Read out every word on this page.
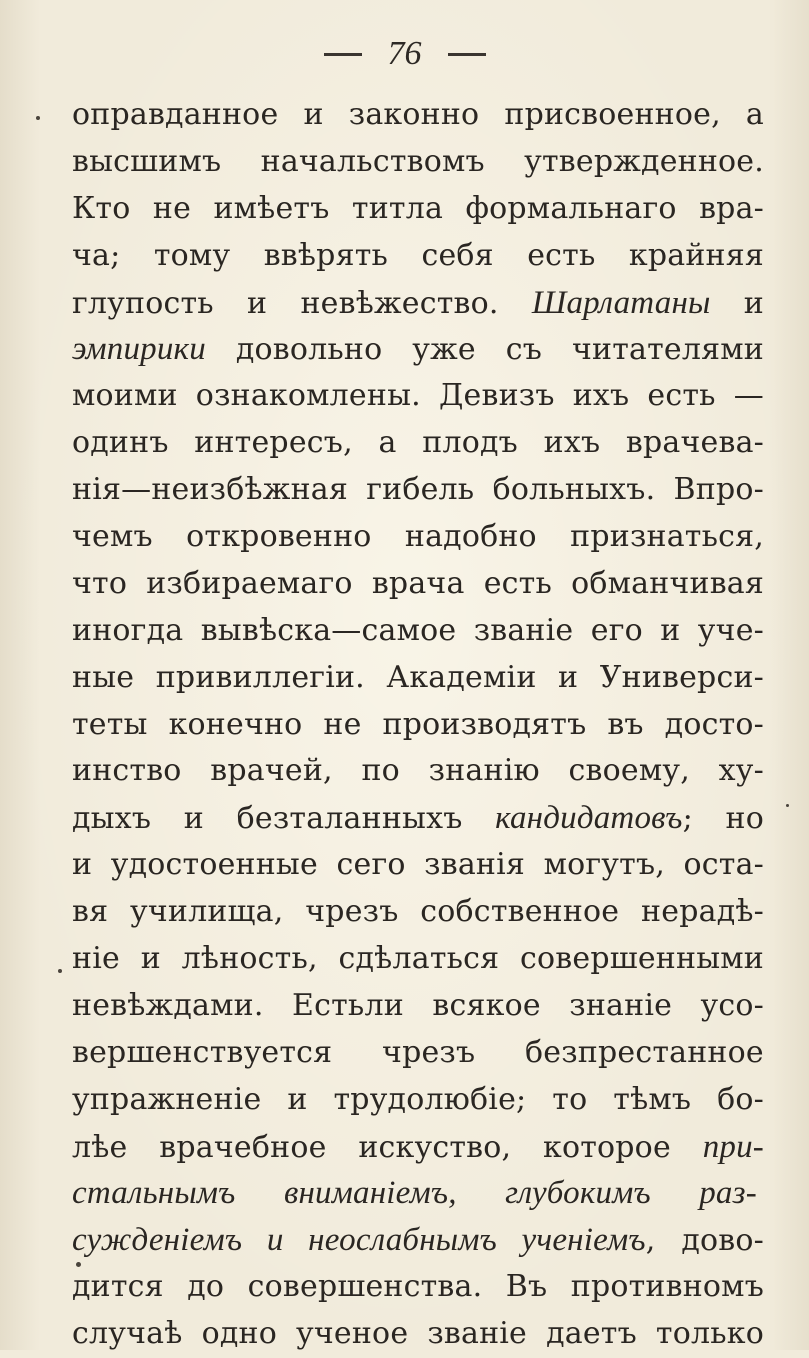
76
оправданное и законно присвоенное, а
высшимъ начальствомъ утвержденное.
Кто не имѣетъ титла формальнаго вра-
ча; тому ввѣрять себя есть крайняя
глупость и невѣжество. Шарлатаны и
эмпирики довольно уже съ читателями
моими ознакомлены. Девизъ ихъ есть —
одинъ интересъ, а плодъ ихъ врачева-
нія—неизбѣжная гибель больныхъ. Впро-
чемъ откровенно надобно признаться,
что избираемаго врача есть обманчивая
иногда вывѣска—самое званіе его и уче-
ные привиллегіи. Академіи и Универси-
теты конечно не производятъ въ досто-
инство врачей, по знанію своему, ху-
дыхъ и безталанныхъ кандидатовъ; но
и удостоенные сего званія могутъ, оста-
вя училища, чрезъ собственное нерадѣ-
ніе и лѣность, сдѣлаться совершенными
невѣждами. Естьли всякое знаніе усо-
вершенствуется чрезъ безпрестанное
упражненіе и трудолюбіе; то тѣмъ бо-
лѣе врачебное искуство, которое при-
стальнымъ вниманіемъ, глубокимъ раз-
сужденіемъ и неослабнымъ ученіемъ, дово-
дится до совершенства. Въ противномъ
случаѣ одно ученое званіе даетъ только
